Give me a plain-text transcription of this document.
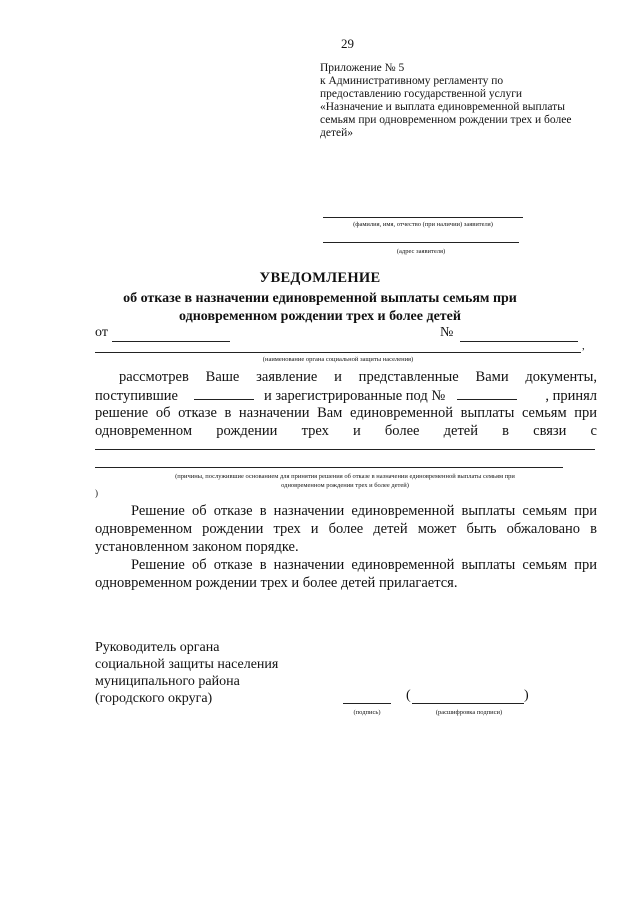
29
Приложение № 5
к Административному регламенту по
предоставлению государственной услуги
«Назначение и выплата единовременной выплаты
семьям при одновременном рождении трех и более
детей»
(фамилия, имя, отчество (при наличии) заявителя)
(адрес заявителя)
УВЕДОМЛЕНИЕ
об отказе в назначении единовременной выплаты семьям при
одновременном рождении трех и более детей
от	№
,
(наименование органа социальной защиты населения)
рассмотрев Ваше заявление и представленные Вами документы,
поступившие	и зарегистрированные под №	, принял
решение об отказе в назначении Вам единовременной выплаты семьям при
одновременном рождении трех и более детей в связи с
(причины, послужившие основанием для принятия решения об отказе в назначении единовременной выплаты семьям при
одновременном рождении трех и более детей)
)
Решение об отказе в назначении единовременной выплаты семьям при
одновременном рождении трех и более детей может быть обжаловано в
установленном законом порядке.
Решение об отказе в назначении единовременной выплаты семьям при
одновременном рождении трех и более детей прилагается.
Руководитель органа
социальной защиты населения
муниципального района
(городского округа)
(подпись)
(	)
(расшифровка подписи)
